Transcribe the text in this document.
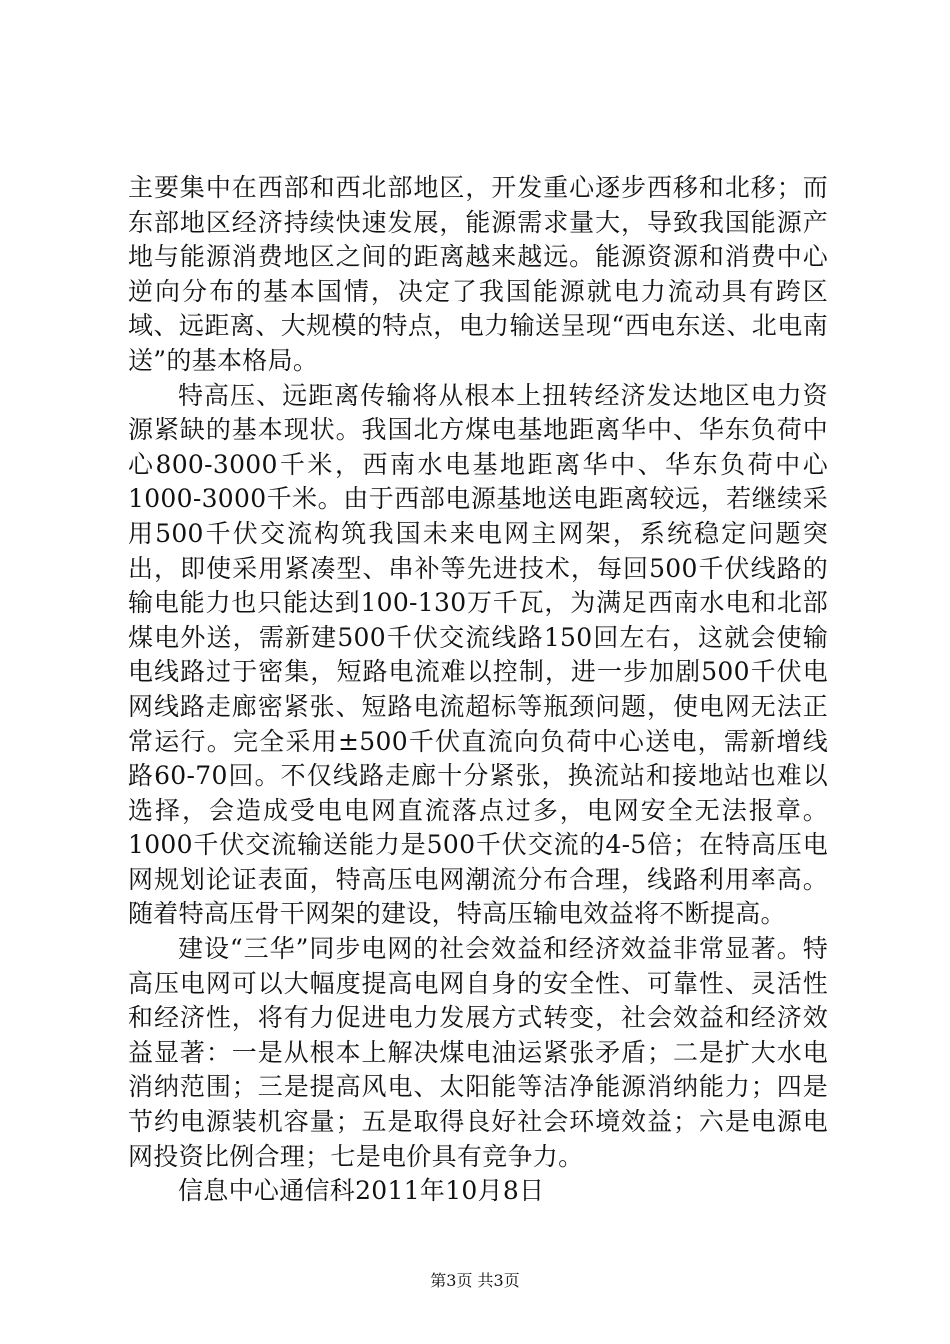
主要集中在西部和西北部地区，开发重心逐步西移和北移；而东部地区经济持续快速发展，能源需求量大，导致我国能源产地与能源消费地区之间的距离越来越远。能源资源和消费中心逆向分布的基本国情，决定了我国能源就电力流动具有跨区域、远距离、大规模的特点，电力输送呈现“西电东送、北电南送”的基本格局。

特高压、远距离传输将从根本上扭转经济发达地区电力资源紧缺的基本现状。我国北方煤电基地距离华中、华东负荷中心800-3000千米，西南水电基地距离华中、华东负荷中心1000-3000千米。由于西部电源基地送电距离较远，若继续采用500千伏交流构筑我国未来电网主网架，系统稳定问题突出，即使采用紧凑型、串补等先进技术，每回500千伏线路的输电能力也只能达到100-130万千瓦，为满足西南水电和北部煤电外送，需新建500千伏交流线路150回左右，这就会使输电线路过于密集，短路电流难以控制，进一步加剧500千伏电网线路走廊密紧张、短路电流超标等瓶颈问题，使电网无法正常运行。完全采用±500千伏直流向负荷中心送电，需新增线路60-70回。不仅线路走廊十分紧张，换流站和接地站也难以选择，会造成受电电网直流落点过多，电网安全无法报章。1000千伏交流输送能力是500千伏交流的4-5倍；在特高压电网规划论证表面，特高压电网潮流分布合理，线路利用率高。随着特高压骨干网架的建设，特高压输电效益将不断提高。

建设“三华”同步电网的社会效益和经济效益非常显著。特高压电网可以大幅度提高电网自身的安全性、可靠性、灵活性和经济性，将有力促进电力发展方式转变，社会效益和经济效益显著：一是从根本上解决煤电油运紧张矛盾；二是扩大水电消纳范围；三是提高风电、太阳能等洁净能源消纳能力；四是节约电源装机容量；五是取得良好社会环境效益；六是电源电网投资比例合理；七是电价具有竞争力。

信息中心通信科2011年10月8日

第3页 共3页
